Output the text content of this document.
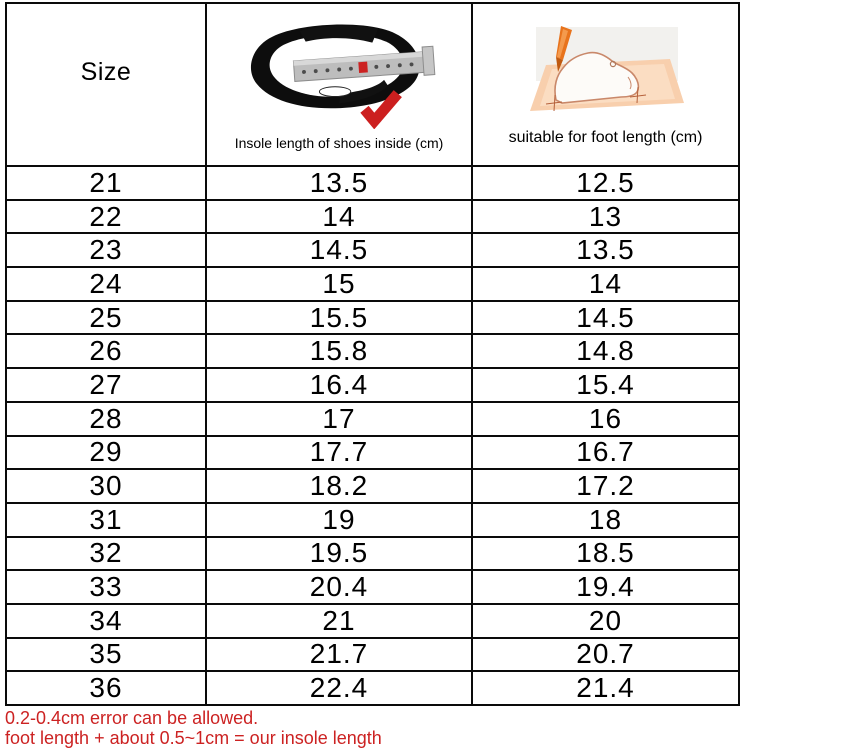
Size	Insole length of shoes inside (cm)	suitable for foot length (cm)

21	13.5	12.5
22	14	13
23	14.5	13.5
24	15	14
25	15.5	14.5
26	15.8	14.8
27	16.4	15.4
28	17	16
29	17.7	16.7
30	18.2	17.2
31	19	18
32	19.5	18.5
33	20.4	19.4
34	21	20
35	21.7	20.7
36	22.4	21.4
0.2-0.4cm error can be allowed.
foot length + about 0.5~1cm = our insole length
